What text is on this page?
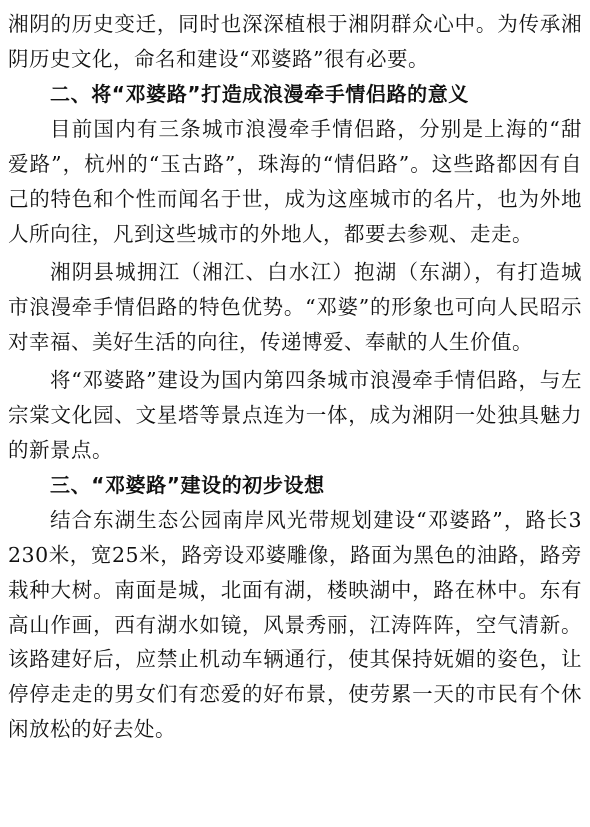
湘阴的历史变迁，同时也深深植根于湘阴群众心中。为传承湘阴历史文化，命名和建设“邓婆路”很有必要。

二、将“邓婆路”打造成浪漫牵手情侣路的意义

目前国内有三条城市浪漫牵手情侣路，分别是上海的“甜爱路”，杭州的“玉古路”，珠海的“情侣路”。这些路都因有自己的特色和个性而闻名于世，成为这座城市的名片，也为外地人所向往，凡到这些城市的外地人，都要去参观、走走。

湘阴县城拥江（湘江、白水江）抱湖（东湖），有打造城市浪漫牵手情侣路的特色优势。“邓婆”的形象也可向人民昭示对幸福、美好生活的向往，传递博爱、奉献的人生价值。

将“邓婆路”建设为国内第四条城市浪漫牵手情侣路，与左宗棠文化园、文星塔等景点连为一体，成为湘阴一处独具魅力的新景点。

三、“邓婆路”建设的初步设想

结合东湖生态公园南岸风光带规划建设“邓婆路”，路长3230米，宽25米，路旁设邓婆雕像，路面为黑色的油路，路旁栽种大树。南面是城，北面有湖，楼映湖中，路在林中。东有高山作画，西有湖水如镜，风景秀丽，江涛阵阵，空气清新。该路建好后，应禁止机动车辆通行，使其保持妩媚的姿色，让停停走走的男女们有恋爱的好布景，使劳累一天的市民有个休闲放松的好去处。
